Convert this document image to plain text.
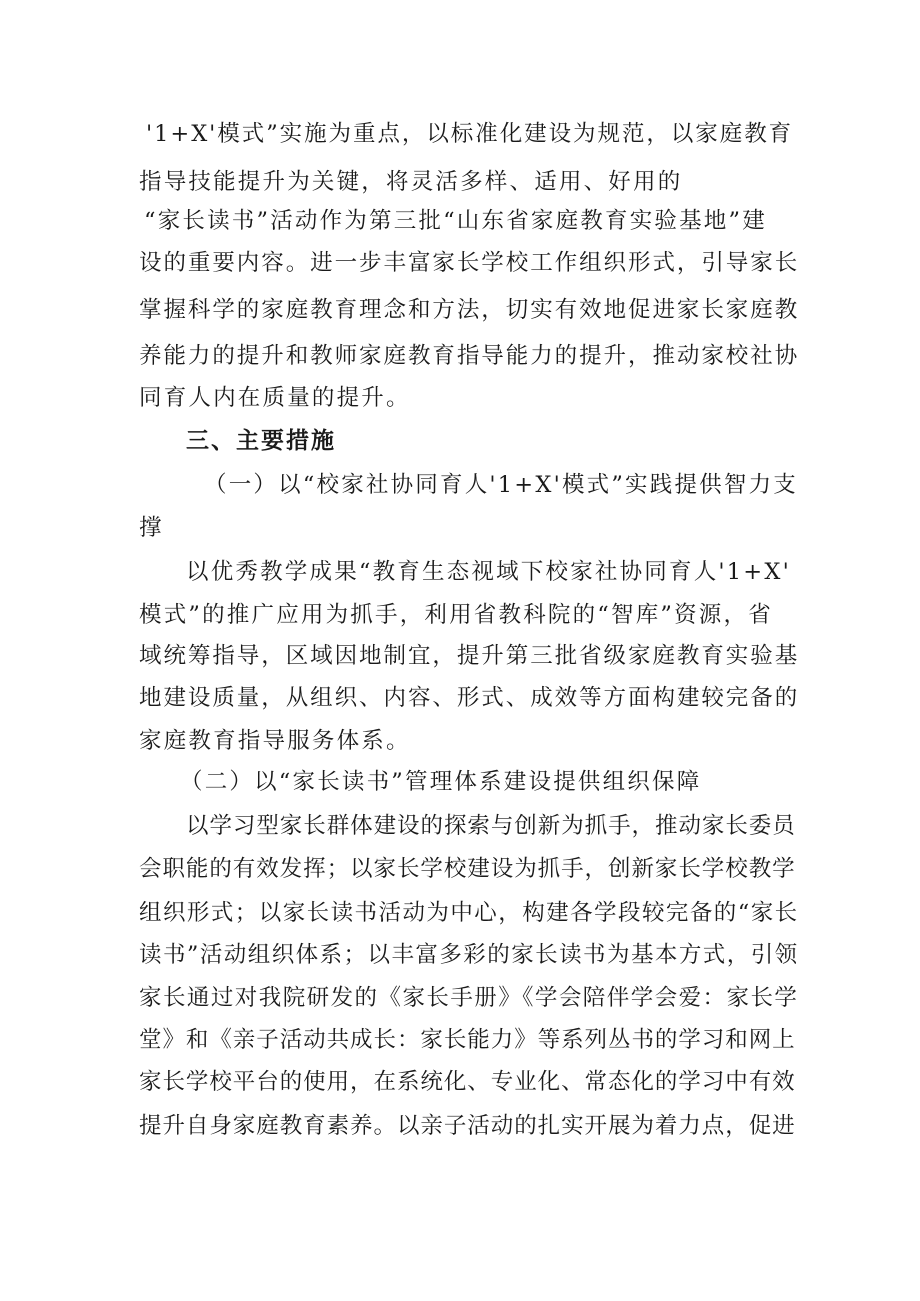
'1+X'模式”实施为重点，以标准化建设为规范，以家庭教育
指导技能提升为关键，将灵活多样、适用、好用的
“家长读书”活动作为第三批“山东省家庭教育实验基地”建
设的重要内容。进一步丰富家长学校工作组织形式，引导家长
掌握科学的家庭教育理念和方法，切实有效地促进家长家庭教
养能力的提升和教师家庭教育指导能力的提升，推动家校社协
同育人内在质量的提升。
三、主要措施
（一）以“校家社协同育人'1+X'模式”实践提供智力支
撑
以优秀教学成果“教育生态视域下校家社协同育人'1+X'
模式”的推广应用为抓手，利用省教科院的“智库”资源，省
域统筹指导，区域因地制宜，提升第三批省级家庭教育实验基
地建设质量，从组织、内容、形式、成效等方面构建较完备的
家庭教育指导服务体系。
（二）以“家长读书”管理体系建设提供组织保障
以学习型家长群体建设的探索与创新为抓手，推动家长委员
会职能的有效发挥；以家长学校建设为抓手，创新家长学校教学
组织形式；以家长读书活动为中心，构建各学段较完备的“家长
读书”活动组织体系；以丰富多彩的家长读书为基本方式，引领
家长通过对我院研发的《家长手册》《学会陪伴学会爱：家长学
堂》和《亲子活动共成长：家长能力》等系列丛书的学习和网上
家长学校平台的使用，在系统化、专业化、常态化的学习中有效
提升自身家庭教育素养。以亲子活动的扎实开展为着力点，促进
